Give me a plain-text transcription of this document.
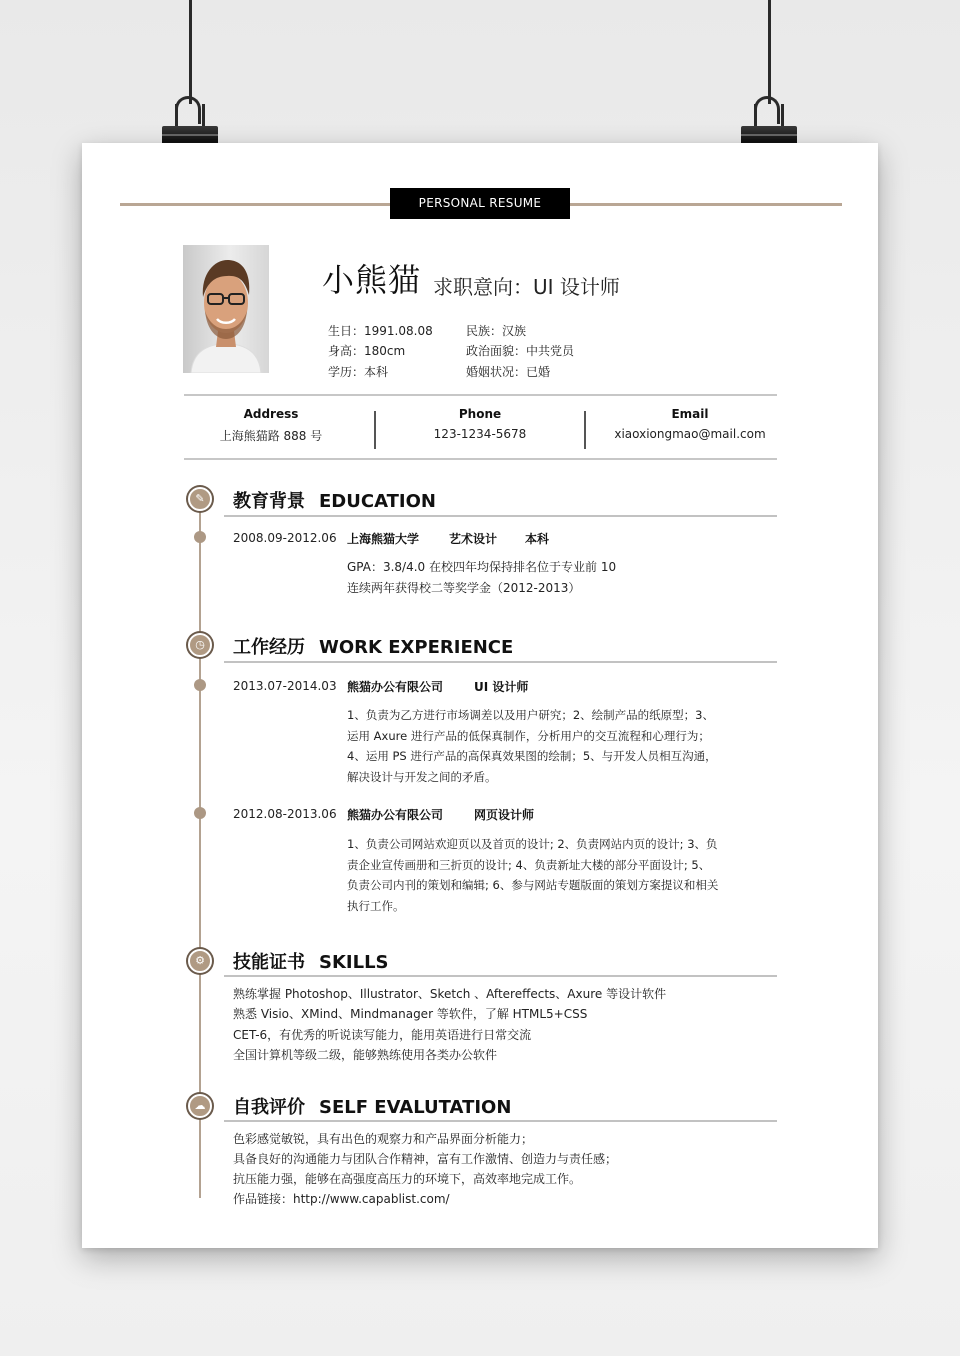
PERSONAL RESUME
小熊猫 求职意向：UI 设计师
生日：1991.08.08
身高：180cm
学历：本科
民族：汉族
政治面貌：中共党员
婚姻状况：已婚
Address
上海熊猫路 888 号
Phone
123-1234-5678
Email
xiaoxiongmao@mail.com
✎	教育背景 EDUCATION
2008.09-2012.06 上海熊猫大学 艺术设计 本科
GPA：3.8/4.0 在校四年均保持排名位于专业前 10
连续两年获得校二等奖学金（2012-2013）
◷	工作经历 WORK EXPERIENCE
2013.07-2014.03 熊猫办公有限公司	UI 设计师
1、负责为乙方进行市场调差以及用户研究；2、绘制产品的纸原型；3、运用 Axure 进行产品的低保真制作，分析用户的交互流程和心理行为；4、运用 PS 进行产品的高保真效果图的绘制；5、与开发人员相互沟通，解决设计与开发之间的矛盾。
2012.08-2013.06 熊猫办公有限公司	网页设计师
1、负责公司网站欢迎页以及首页的设计; 2、负责网站内页的设计; 3、负责企业宣传画册和三折页的设计; 4、负责新址大楼的部分平面设计; 5、负责公司内刊的策划和编辑; 6、参与网站专题版面的策划方案提议和相关执行工作。
⚙	技能证书 SKILLS
熟练掌握 Photoshop、Illustrator、Sketch 、Aftereffects、Axure 等设计软件
熟悉 Visio、XMind、Mindmanager 等软件，了解 HTML5+CSS
CET-6，有优秀的听说读写能力，能用英语进行日常交流
全国计算机等级二级，能够熟练使用各类办公软件
☁	自我评价 SELF EVALUTATION
色彩感觉敏锐，具有出色的观察力和产品界面分析能力；
具备良好的沟通能力与团队合作精神，富有工作激情、创造力与责任感；
抗压能力强，能够在高强度高压力的环境下，高效率地完成工作。
作品链接：http://www.capablist.com/
